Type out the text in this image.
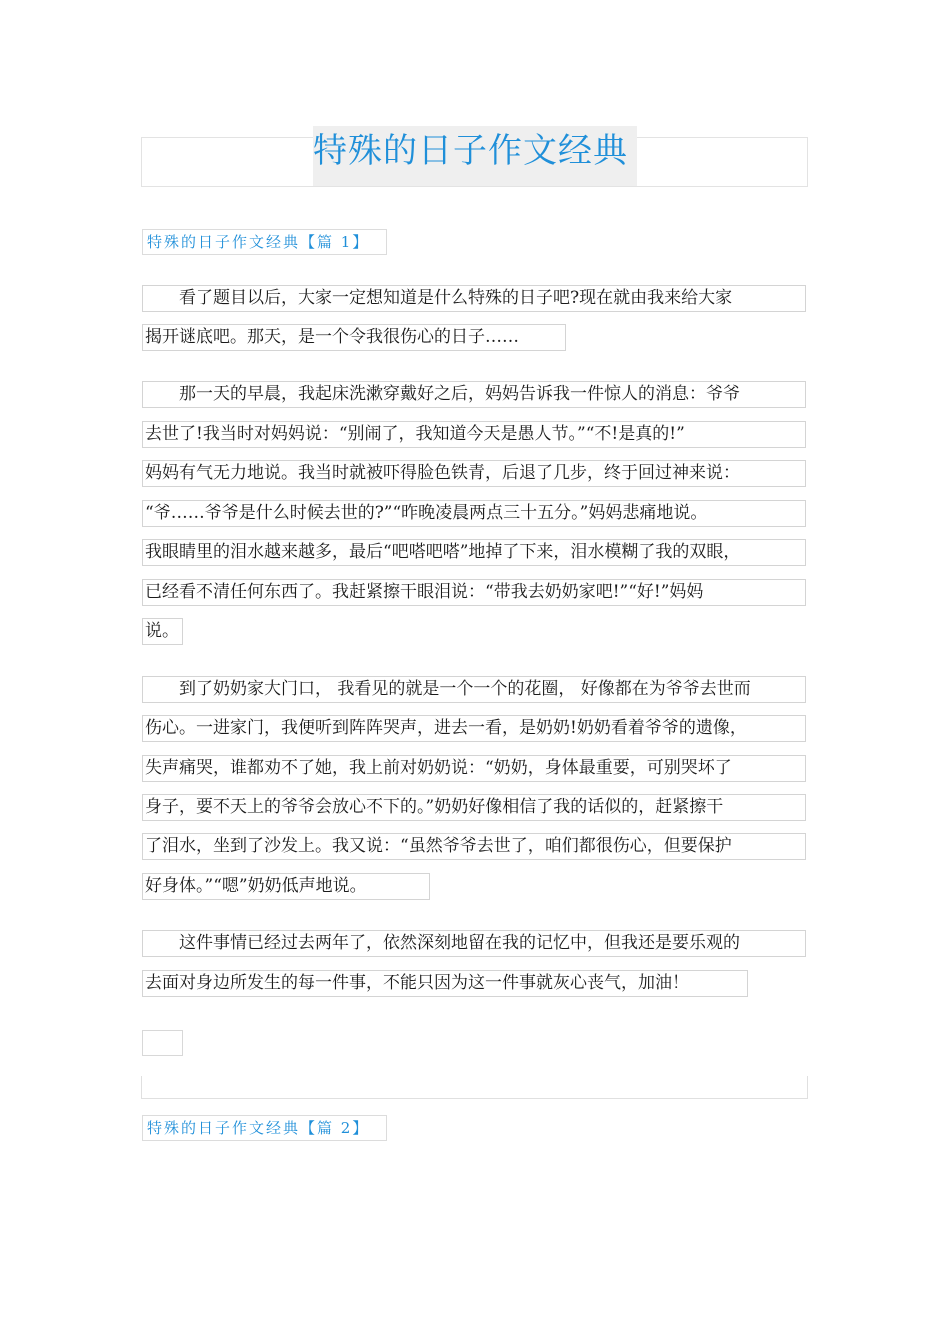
特殊的日子作文经典
特殊的日子作文经典【篇 1】
　　看了题目以后，大家一定想知道是什么特殊的日子吧?现在就由我来给大家
揭开谜底吧。那天，是一个令我很伤心的日子……
　　那一天的早晨，我起床洗漱穿戴好之后，妈妈告诉我一件惊人的消息：爷爷
去世了!我当时对妈妈说：“别闹了，我知道今天是愚人节。”“不!是真的!”
妈妈有气无力地说。我当时就被吓得脸色铁青，后退了几步，终于回过神来说：
“爷……爷爷是什么时候去世的?”“昨晚凌晨两点三十五分。”妈妈悲痛地说。
我眼睛里的泪水越来越多，最后“吧嗒吧嗒”地掉了下来，泪水模糊了我的双眼，
已经看不清任何东西了。我赶紧擦干眼泪说：“带我去奶奶家吧!”“好!”妈妈
说。
　　到了奶奶家大门口， 我看见的就是一个一个的花圈， 好像都在为爷爷去世而
伤心。一进家门，我便听到阵阵哭声，进去一看，是奶奶!奶奶看着爷爷的遗像，
失声痛哭，谁都劝不了她，我上前对奶奶说：“奶奶，身体最重要，可别哭坏了
身子，要不天上的爷爷会放心不下的。”奶奶好像相信了我的话似的，赶紧擦干
了泪水，坐到了沙发上。我又说：“虽然爷爷去世了，咱们都很伤心，但要保护
好身体。”“嗯”奶奶低声地说。
　　这件事情已经过去两年了，依然深刻地留在我的记忆中，但我还是要乐观的
去面对身边所发生的每一件事，不能只因为这一件事就灰心丧气，加油！
特殊的日子作文经典【篇 2】
